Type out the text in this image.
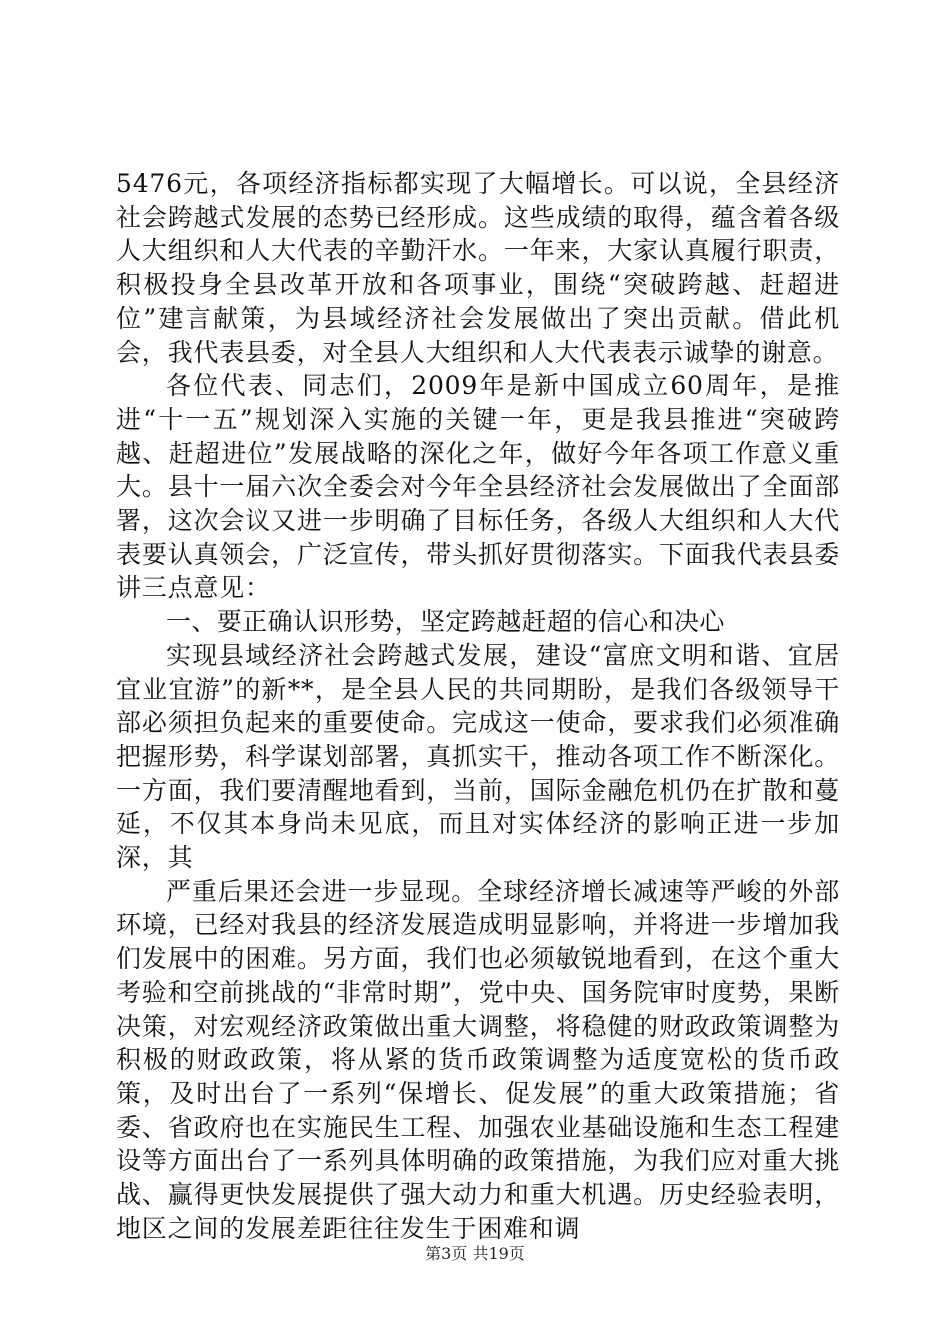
5476元，各项经济指标都实现了大幅增长。可以说，全县经济社会跨越式发展的态势已经形成。这些成绩的取得，蕴含着各级人大组织和人大代表的辛勤汗水。一年来，大家认真履行职责，积极投身全县改革开放和各项事业，围绕“突破跨越、赶超进位”建言献策，为县域经济社会发展做出了突出贡献。借此机会，我代表县委，对全县人大组织和人大代表表示诚挚的谢意。

各位代表、同志们，2009年是新中国成立60周年，是推进“十一五”规划深入实施的关键一年，更是我县推进“突破跨越、赶超进位”发展战略的深化之年，做好今年各项工作意义重大。县十一届六次全委会对今年全县经济社会发展做出了全面部署，这次会议又进一步明确了目标任务，各级人大组织和人大代表要认真领会，广泛宣传，带头抓好贯彻落实。下面我代表县委讲三点意见：

一、要正确认识形势，坚定跨越赶超的信心和决心

实现县域经济社会跨越式发展，建设“富庶文明和谐、宜居宜业宜游”的新**，是全县人民的共同期盼，是我们各级领导干部必须担负起来的重要使命。完成这一使命，要求我们必须准确把握形势，科学谋划部署，真抓实干，推动各项工作不断深化。一方面，我们要清醒地看到，当前，国际金融危机仍在扩散和蔓延，不仅其本身尚未见底，而且对实体经济的影响正进一步加深，其

严重后果还会进一步显现。全球经济增长减速等严峻的外部环境，已经对我县的经济发展造成明显影响，并将进一步增加我们发展中的困难。另方面，我们也必须敏锐地看到，在这个重大考验和空前挑战的“非常时期”，党中央、国务院审时度势，果断决策，对宏观经济政策做出重大调整，将稳健的财政政策调整为积极的财政政策，将从紧的货币政策调整为适度宽松的货币政策，及时出台了一系列“保增长、促发展”的重大政策措施；省委、省政府也在实施民生工程、加强农业基础设施和生态工程建设等方面出台了一系列具体明确的政策措施，为我们应对重大挑战、赢得更快发展提供了强大动力和重大机遇。历史经验表明，地区之间的发展差距往往发生于困难和调

第3页 共19页
